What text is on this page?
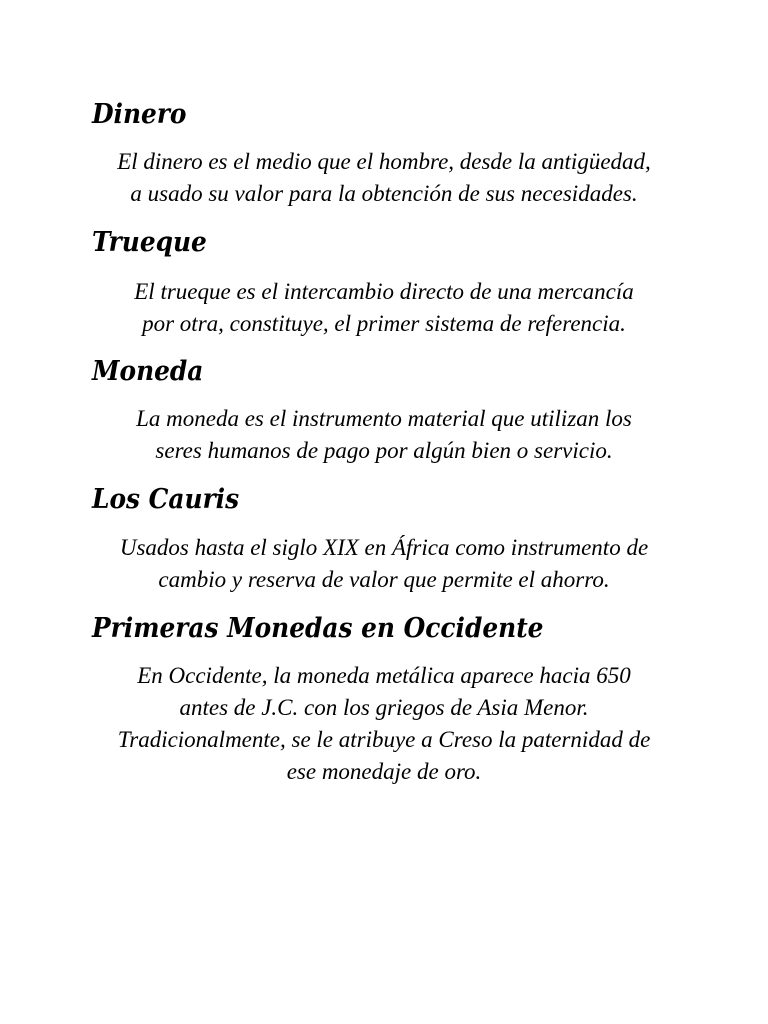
Dinero

El dinero es el medio que el hombre, desde la antigüedad,
a usado su valor para la obtención de sus necesidades.

Trueque

El trueque es el intercambio directo de una mercancía
por otra, constituye, el primer sistema de referencia.

Moneda

La moneda es el instrumento material que utilizan los
seres humanos de pago por algún bien o servicio.

Los Cauris

Usados hasta el siglo XIX en África como instrumento de
cambio y reserva de valor que permite el ahorro.

Primeras Monedas en Occidente

En Occidente, la moneda metálica aparece hacia 650
antes de J.C. con los griegos de Asia Menor.
Tradicionalmente, se le atribuye a Creso la paternidad de
ese monedaje de oro.
